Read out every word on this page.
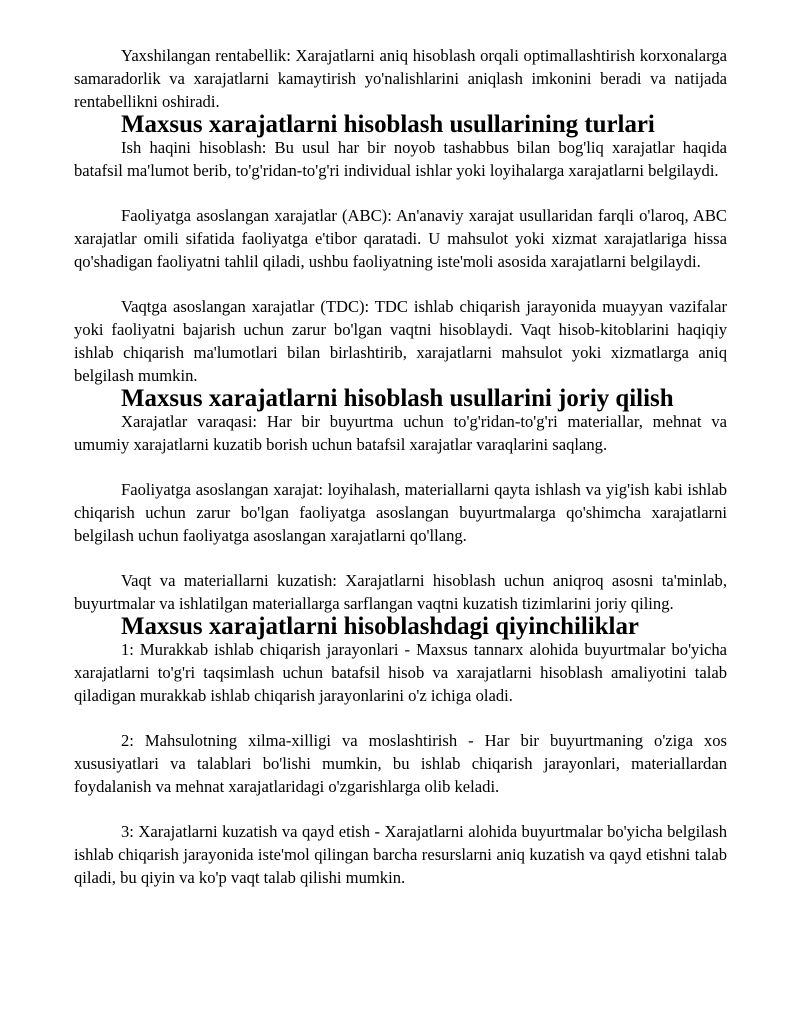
Yaxshilangan rentabellik: Xarajatlarni aniq hisoblash orqali optimallashtirish korxonalarga samaradorlik va xarajatlarni kamaytirish yo'nalishlarini aniqlash imkonini beradi va natijada rentabellikni oshiradi.

Maxsus xarajatlarni hisoblash usullarining turlari

Ish haqini hisoblash: Bu usul har bir noyob tashabbus bilan bog'liq xarajatlar haqida batafsil ma'lumot berib, to'g'ridan-to'g'ri individual ishlar yoki loyihalarga xarajatlarni belgilaydi.

Faoliyatga asoslangan xarajatlar (ABC): An'anaviy xarajat usullaridan farqli o'laroq, ABC xarajatlar omili sifatida faoliyatga e'tibor qaratadi. U mahsulot yoki xizmat xarajatlariga hissa qo'shadigan faoliyatni tahlil qiladi, ushbu faoliyatning iste'moli asosida xarajatlarni belgilaydi.

Vaqtga asoslangan xarajatlar (TDC): TDC ishlab chiqarish jarayonida muayyan vazifalar yoki faoliyatni bajarish uchun zarur bo'lgan vaqtni hisoblaydi. Vaqt hisob-kitoblarini haqiqiy ishlab chiqarish ma'lumotlari bilan birlashtirib, xarajatlarni mahsulot yoki xizmatlarga aniq belgilash mumkin.

Maxsus xarajatlarni hisoblash usullarini joriy qilish

Xarajatlar varaqasi: Har bir buyurtma uchun to'g'ridan-to'g'ri materiallar, mehnat va umumiy xarajatlarni kuzatib borish uchun batafsil xarajatlar varaqlarini saqlang.

Faoliyatga asoslangan xarajat: loyihalash, materiallarni qayta ishlash va yig'ish kabi ishlab chiqarish uchun zarur bo'lgan faoliyatga asoslangan buyurtmalarga qo'shimcha xarajatlarni belgilash uchun faoliyatga asoslangan xarajatlarni qo'llang.

Vaqt va materiallarni kuzatish: Xarajatlarni hisoblash uchun aniqroq asosni ta'minlab, buyurtmalar va ishlatilgan materiallarga sarflangan vaqtni kuzatish tizimlarini joriy qiling.

Maxsus xarajatlarni hisoblashdagi qiyinchiliklar

1: Murakkab ishlab chiqarish jarayonlari - Maxsus tannarx alohida buyurtmalar bo'yicha xarajatlarni to'g'ri taqsimlash uchun batafsil hisob va xarajatlarni hisoblash amaliyotini talab qiladigan murakkab ishlab chiqarish jarayonlarini o'z ichiga oladi.

2: Mahsulotning xilma-xilligi va moslashtirish - Har bir buyurtmaning o'ziga xos xususiyatlari va talablari bo'lishi mumkin, bu ishlab chiqarish jarayonlari, materiallardan foydalanish va mehnat xarajatlaridagi o'zgarishlarga olib keladi.

3: Xarajatlarni kuzatish va qayd etish - Xarajatlarni alohida buyurtmalar bo'yicha belgilash ishlab chiqarish jarayonida iste'mol qilingan barcha resurslarni aniq kuzatish va qayd etishni talab qiladi, bu qiyin va ko'p vaqt talab qilishi mumkin.
